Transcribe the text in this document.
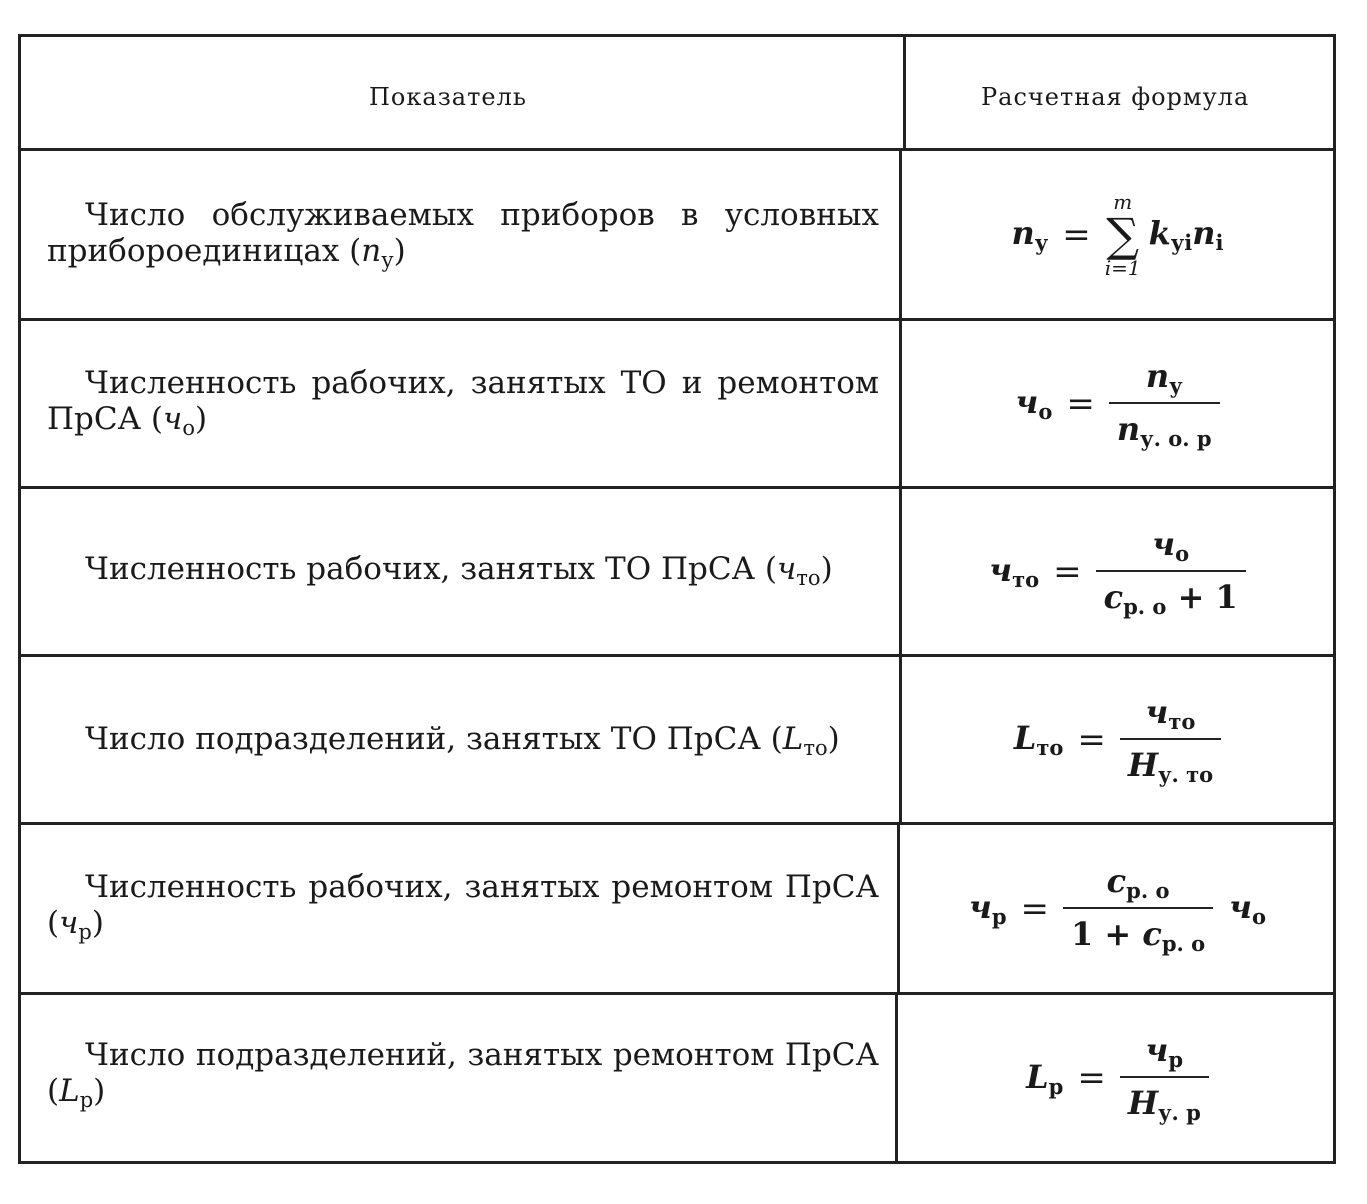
Показатель	Расчетная формула
Число обслуживаемых приборов в условных прибороединицах $(n_у)$	$n_у$ =
m
∑
i=1
$k_{уi}n_i$
Численность рабочих, занятых ТО и ремонтом ПрСА $(ч_о)$	$ч_о = \frac{n_у}{n_{у. о. р}}$
Численность рабочих, занятых ТО ПрСА $(ч_{то})$	$ч_{то} = \frac{ч_о}{c_{р. о} + 1}$
Число подразделений, занятых ТО ПрСА $(L_{то})$	$L_{то} = \frac{ч_{то}}{H_{у. то}}$
Численность рабочих, занятых ремонтом ПрСА $(ч_р)$	$ч_р = \frac{c_{р. о}}{1 + c_{р. о}} ч_о$
Число подразделений, занятых ремонтом ПрСА $(L_р)$	$L_р = \frac{ч_р}{H_{у. р}}$
